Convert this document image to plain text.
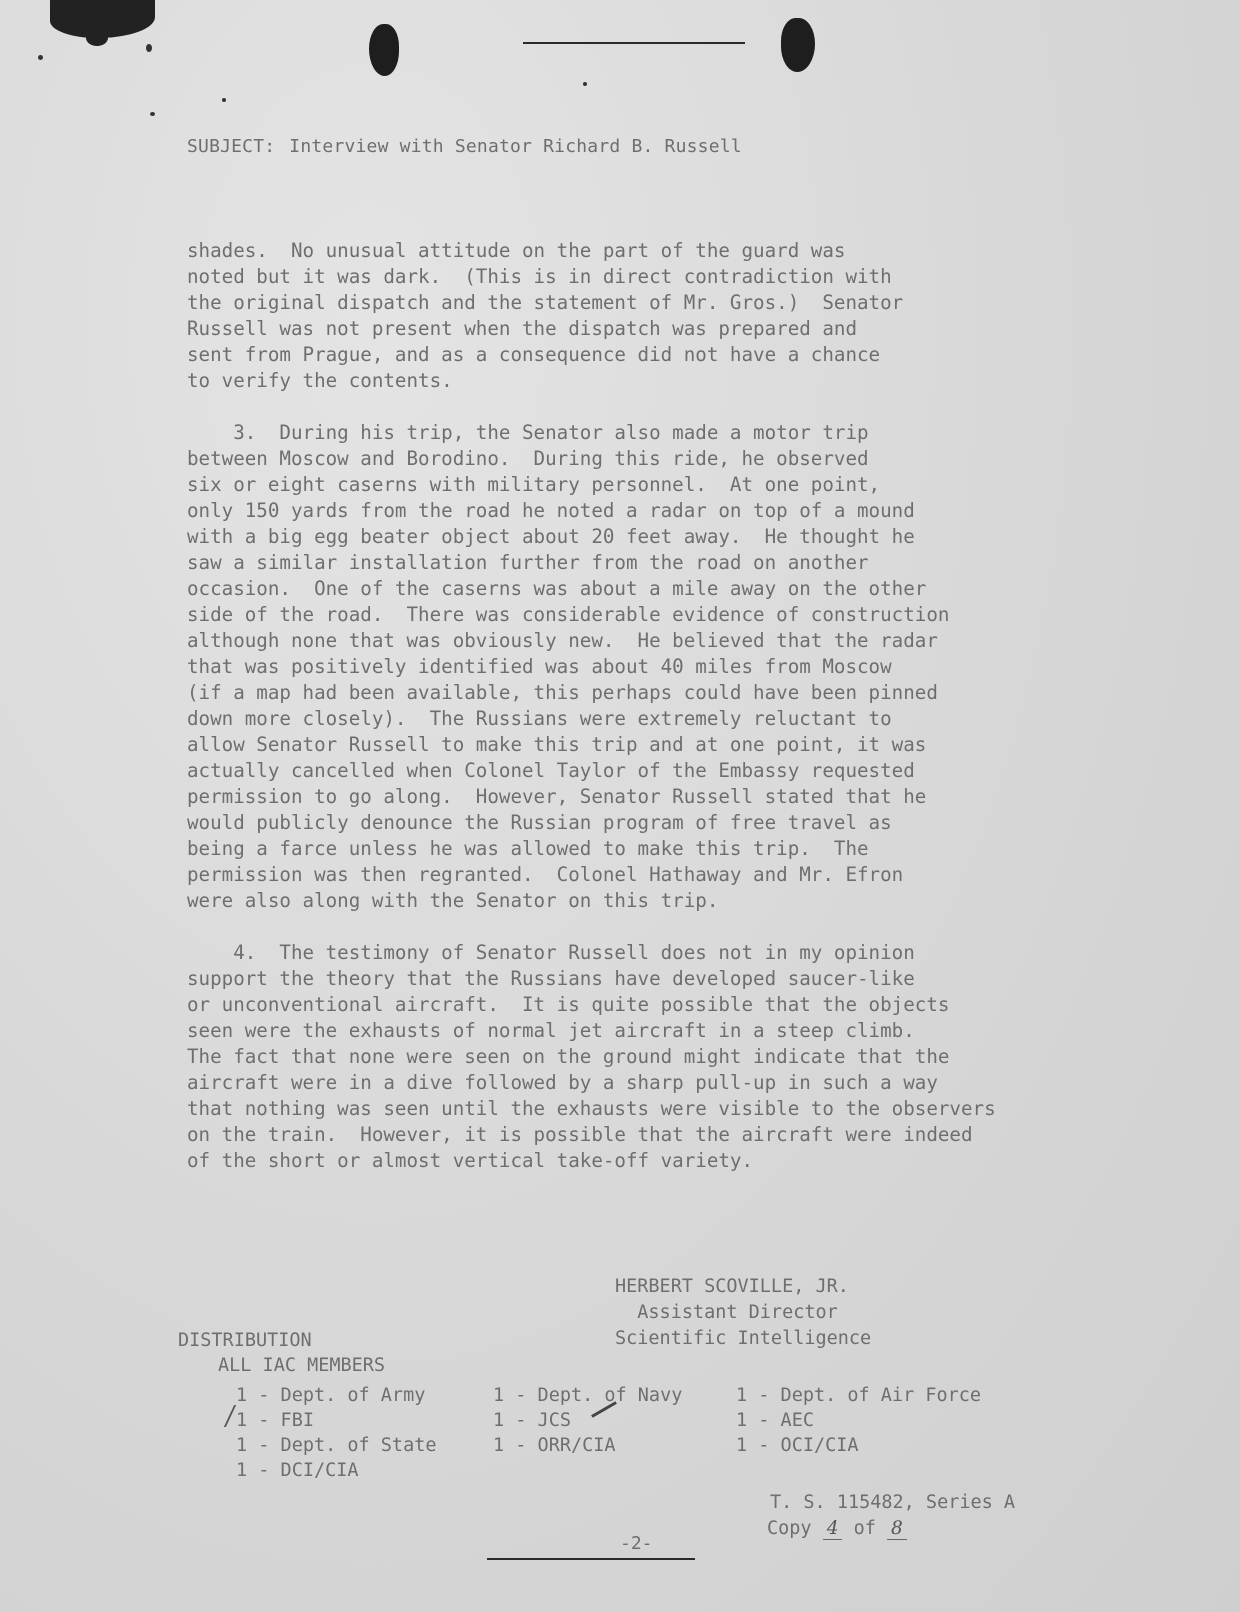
SUBJECT: Interview with Senator Richard B. Russell
shades.  No unusual attitude on the part of the guard was
noted but it was dark.  (This is in direct contradiction with
the original dispatch and the statement of Mr. Gros.)  Senator
Russell was not present when the dispatch was prepared and
sent from Prague, and as a consequence did not have a chance
to verify the contents.
3.  During his trip, the Senator also made a motor trip
between Moscow and Borodino.  During this ride, he observed
six or eight caserns with military personnel.  At one point,
only 150 yards from the road he noted a radar on top of a mound
with a big egg beater object about 20 feet away.  He thought he
saw a similar installation further from the road on another
occasion.  One of the caserns was about a mile away on the other
side of the road.  There was considerable evidence of construction
although none that was obviously new.  He believed that the radar
that was positively identified was about 40 miles from Moscow
(if a map had been available, this perhaps could have been pinned
down more closely).  The Russians were extremely reluctant to
allow Senator Russell to make this trip and at one point, it was
actually cancelled when Colonel Taylor of the Embassy requested
permission to go along.  However, Senator Russell stated that he
would publicly denounce the Russian program of free travel as
being a farce unless he was allowed to make this trip.  The
permission was then regranted.  Colonel Hathaway and Mr. Efron
were also along with the Senator on this trip.
4.  The testimony of Senator Russell does not in my opinion
support the theory that the Russians have developed saucer-like
or unconventional aircraft.  It is quite possible that the objects
seen were the exhausts of normal jet aircraft in a steep climb.
The fact that none were seen on the ground might indicate that the
aircraft were in a dive followed by a sharp pull-up in such a way
that nothing was seen until the exhausts were visible to the observers
on the train.  However, it is possible that the aircraft were indeed
of the short or almost vertical take-off variety.
HERBERT SCOVILLE, JR.
Assistant Director
Scientific Intelligence
DISTRIBUTION
ALL IAC MEMBERS
1 - Dept. of Army	1 - Dept. of Navy	1 - Dept. of Air Force
1 - FBI	1 - JCS	1 - AEC
1 - Dept. of State	1 - ORR/CIA	1 - OCI/CIA
1 - DCI/CIA
T. S. 115482, Series A
Copy 4 of 8
-2-
